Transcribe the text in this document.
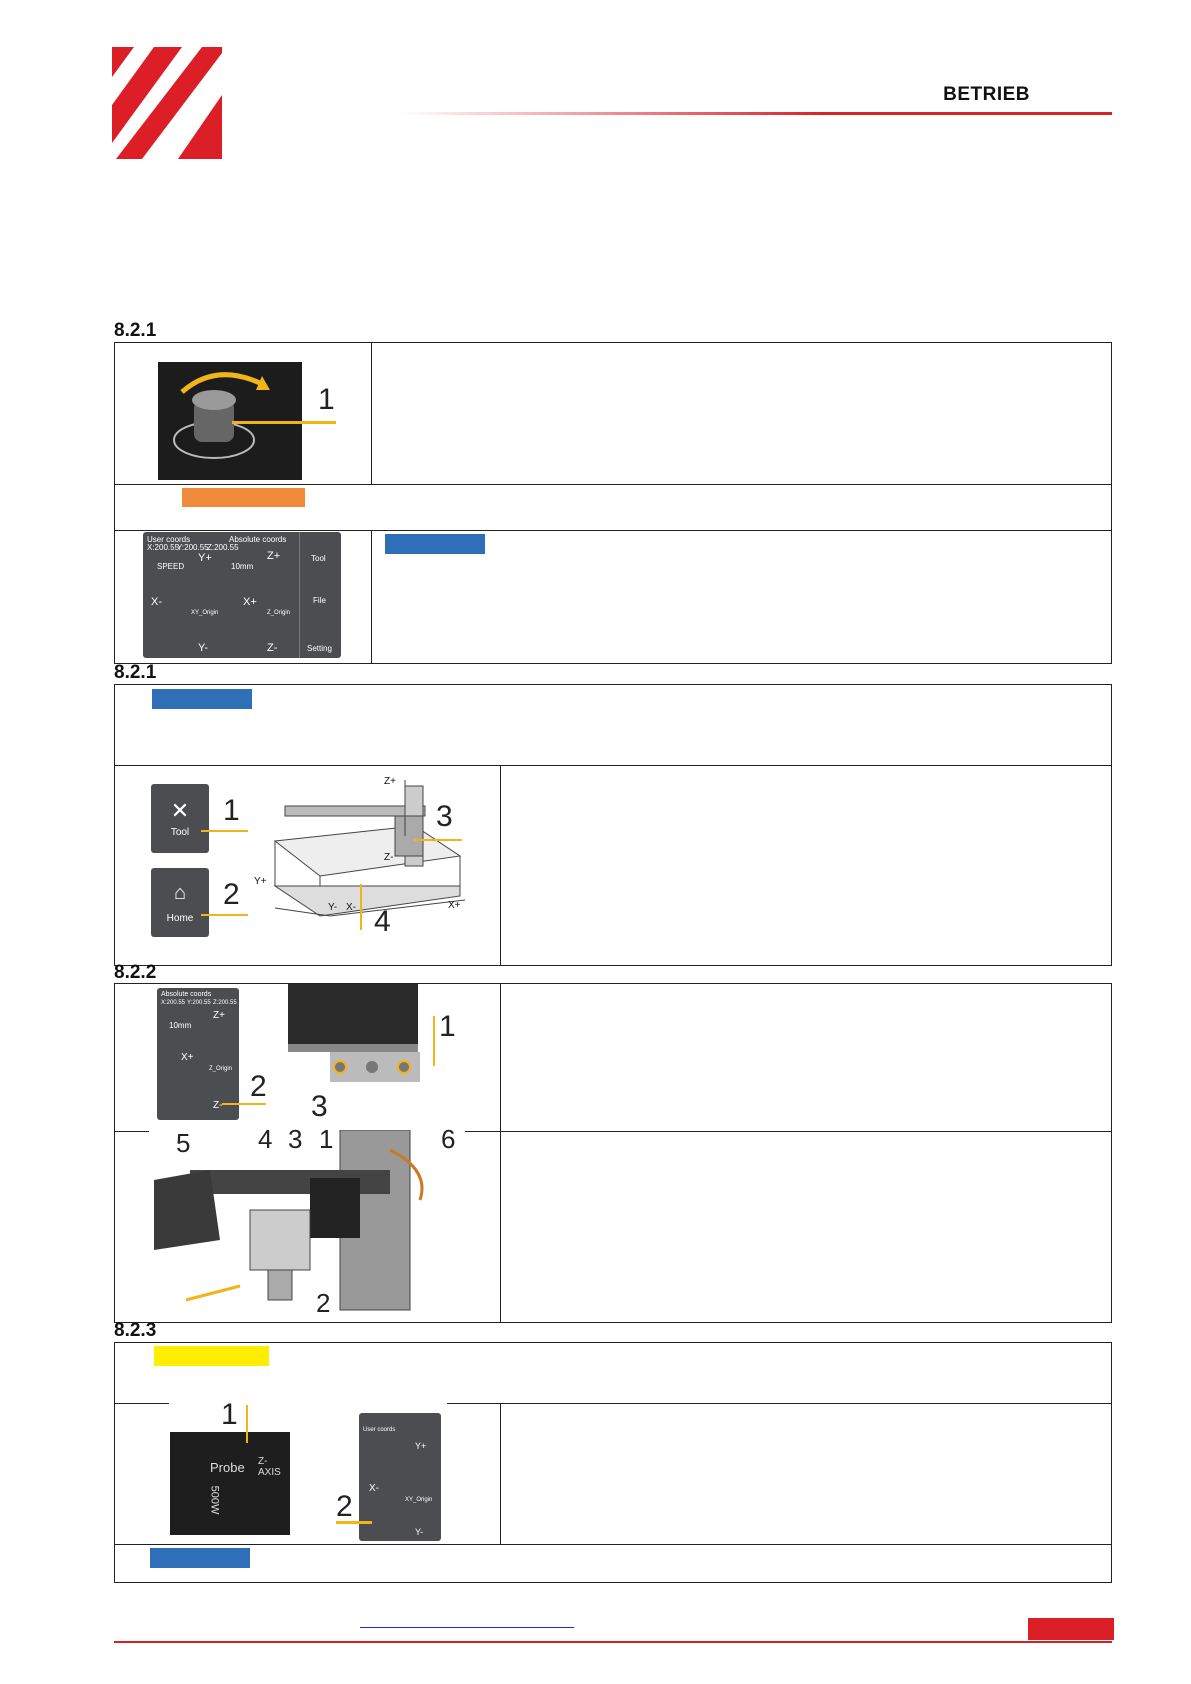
BETRIEB
8.2.1
1
User coords	Absolute coords
X:200.55
Y:200.55
Z:200.55
SPEED
Y+
Y-
X-	X+
10mm
XY_Origin
Z+
Z-
Z_Origin
Tool
File
Setting
8.2.1
✕
Tool
⌂
Home
1
2
Z+
Z-
Y+
Y- X-	X+
3
4
8.2.2
Absolute coords
X:200.55 Y:200.55 Z:200.55
10mm
Z+
X+
Z_Origin
Z-
2
1
3
5	4 3 1	6
2
8.2.3
Probe Z-AXIS
500W
1	User coords
Y+
X-
XY_Origin
Y-
2
